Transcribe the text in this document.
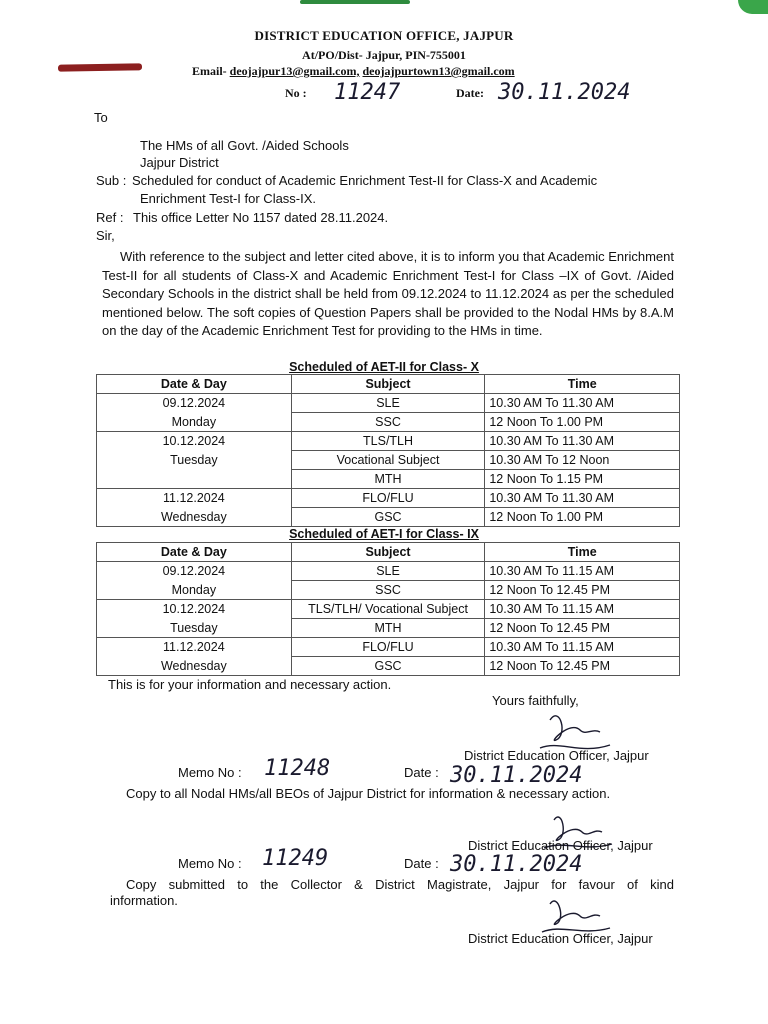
DISTRICT EDUCATION OFFICE, JAJPUR
At/PO/Dist- Jajpur, PIN-755001
Email- deojajpur13@gmail.com, deojajpurtown13@gmail.com
No : 11247	Date: 30.11.2024
To
The HMs of all Govt. /Aided Schools
Jajpur District
Sub : Scheduled for conduct of Academic Enrichment Test-II for Class-X and Academic
Enrichment Test-I for Class-IX.
Ref : This office Letter No 1157 dated 28.11.2024.
Sir,
With reference to the subject and letter cited above, it is to inform you that Academic Enrichment Test-II for all students of Class-X and Academic Enrichment Test-I for Class –IX of Govt. /Aided Secondary Schools in the district shall be held from 09.12.2024 to 11.12.2024 as per the scheduled mentioned below. The soft copies of Question Papers shall be provided to the Nodal HMs by 8.A.M on the day of the Academic Enrichment Test for providing to the HMs in time.
Scheduled of AET-II for Class- X
Date & Day	Subject	Time
09.12.2024	SLE	10.30 AM To 11.30 AM
Monday	SSC	12 Noon To 1.00 PM
10.12.2024	TLS/TLH	10.30 AM To 11.30 AM
Tuesday	Vocational Subject	10.30 AM To 12 Noon
	MTH	12 Noon To 1.15 PM
11.12.2024	FLO/FLU	10.30 AM To 11.30 AM
Wednesday	GSC	12 Noon To 1.00 PM
Scheduled of AET-I for Class- IX
Date & Day	Subject	Time
09.12.2024	SLE	10.30 AM To 11.15 AM
Monday	SSC	12 Noon To 12.45 PM
10.12.2024	TLS/TLH/ Vocational Subject	10.30 AM To 11.15 AM
Tuesday	MTH	12 Noon To 12.45 PM
11.12.2024	FLO/FLU	10.30 AM To 11.15 AM
Wednesday	GSC	12 Noon To 12.45 PM
This is for your information and necessary action.
Yours faithfully,
District Education Officer, Jajpur
Memo No : 11248	Date : 30.11.2024
Copy to all Nodal HMs/all BEOs of Jajpur District for information & necessary action.
District Education Officer, Jajpur
Memo No : 11249	Date : 30.11.2024
Copy submitted to the Collector & District Magistrate, Jajpur for favour of kind
information.
District Education Officer, Jajpur
